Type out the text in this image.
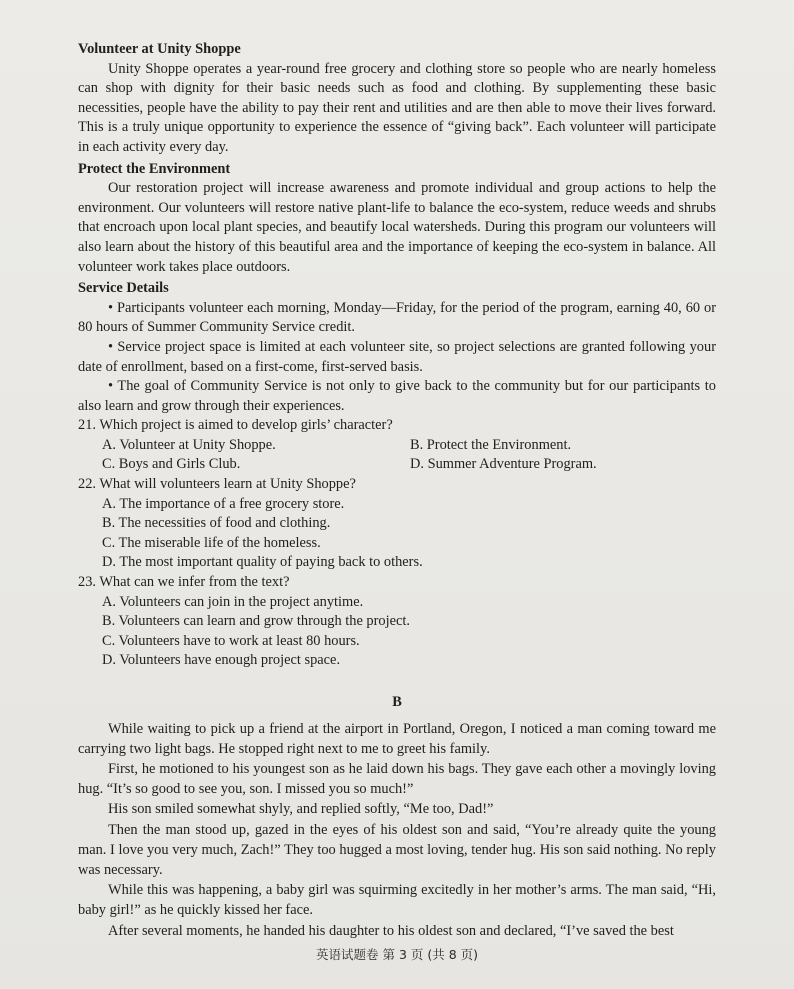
Volunteer at Unity Shoppe

Unity Shoppe operates a year-round free grocery and clothing store so people who are nearly homeless can shop with dignity for their basic needs such as food and clothing. By supplementing these basic necessities, people have the ability to pay their rent and utilities and are then able to move their lives forward. This is a truly unique opportunity to experience the essence of “giving back”. Each volunteer will participate in each activity every day.

Protect the Environment

Our restoration project will increase awareness and promote individual and group actions to help the environment. Our volunteers will restore native plant-life to balance the eco-system, reduce weeds and shrubs that encroach upon local plant species, and beautify local watersheds. During this program our volunteers will also learn about the history of this beautiful area and the importance of keeping the eco-system in balance. All volunteer work takes place outdoors.

Service Details

• Participants volunteer each morning, Monday—Friday, for the period of the program, earning 40, 60 or 80 hours of Summer Community Service credit.

• Service project space is limited at each volunteer site, so project selections are granted following your date of enrollment, based on a first-come, first-served basis.

• The goal of Community Service is not only to give back to the community but for our participants to also learn and grow through their experiences.

21. Which project is aimed to develop girls’ character?

A. Volunteer at Unity Shoppe.	B. Protect the Environment.
C. Boys and Girls Club.	D. Summer Adventure Program.

22. What will volunteers learn at Unity Shoppe?

A. The importance of a free grocery store.

B. The necessities of food and clothing.

C. The miserable life of the homeless.

D. The most important quality of paying back to others.

23. What can we infer from the text?

A. Volunteers can join in the project anytime.

B. Volunteers can learn and grow through the project.

C. Volunteers have to work at least 80 hours.

D. Volunteers have enough project space.

B

While waiting to pick up a friend at the airport in Portland, Oregon, I noticed a man coming toward me carrying two light bags. He stopped right next to me to greet his family.

First, he motioned to his youngest son as he laid down his bags. They gave each other a movingly loving hug. “It’s so good to see you, son. I missed you so much!”

His son smiled somewhat shyly, and replied softly, “Me too, Dad!”

Then the man stood up, gazed in the eyes of his oldest son and said, “You’re already quite the young man. I love you very much, Zach!” They too hugged a most loving, tender hug. His son said nothing. No reply was necessary.

While this was happening, a baby girl was squirming excitedly in her mother’s arms. The man said, “Hi, baby girl!” as he quickly kissed her face.

After several moments, he handed his daughter to his oldest son and declared, “I’ve saved the best

英语试题卷 第 3 页 (共 8 页)
